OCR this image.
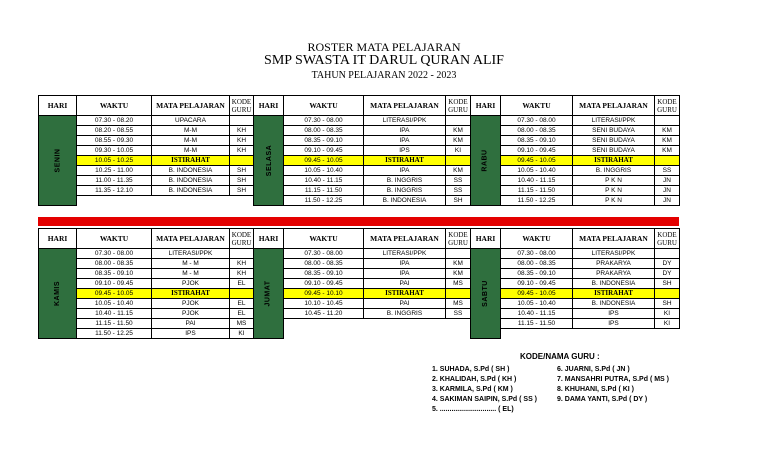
ROSTER MATA PELAJARAN
SMP SWASTA IT DARUL QURAN ALIF
TAHUN PELAJARAN 2022 - 2023
HARI	WAKTU	MATA PELAJARAN	KODE GURU	HARI	WAKTU	MATA PELAJARAN	KODE GURU	HARI	WAKTU	MATA PELAJARAN	KODE GURU
SENIN	07.30 - 08.20	UPACARA		SELASA	07.30 - 08.00	LITERASI/PPK		RABU	07.30 - 08.00	LITERASI/PPK	
	08.20 - 08.55	M-M	KH		08.00 - 08.35	IPA	KM		08.00 - 08.35	SENI BUDAYA	KM
	08.55 - 09.30	M-M	KH		08.35 - 09.10	IPA	KM		08.35 - 09.10	SENI BUDAYA	KM
	09.30 - 10.05	M-M	KH		09.10 - 09.45	IPS	KI		09.10 - 09.45	SENI BUDAYA	KM
	10.05 - 10.25	ISTIRAHAT			09.45 - 10.05	ISTIRAHAT			09.45 - 10.05	ISTIRAHAT	
	10.25 - 11.00	B. INDONESIA	SH		10.05 - 10.40	IPA	KM		10.05 - 10.40	B. INGGRIS	SS
	11.00 - 11.35	B. INDONESIA	SH		10.40 - 11.15	B. INGGRIS	SS		10.40 - 11.15	P K N	JN
	11.35 - 12.10	B. INDONESIA	SH		11.15 - 11.50	B. INGGRIS	SS		11.15 - 11.50	P K N	JN
					11.50 - 12.25	B. INDONESIA	SH		11.50 - 12.25	P K N	JN
HARI	WAKTU	MATA PELAJARAN	KODE GURU	HARI	WAKTU	MATA PELAJARAN	KODE GURU	HARI	WAKTU	MATA PELAJARAN	KODE GURU
KAMIS	07.30 - 08.00	LITERASI/PPK		JUMAT	07.30 - 08.00	LITERASI/PPK		SABTU	07.30 - 08.00	LITERASI/PPK	
	08.00 - 08.35	M - M	KH		08.00 - 08.35	IPA	KM		08.00 - 08.35	PRAKARYA	DY
	08.35 - 09.10	M - M	KH		08.35 - 09.10	IPA	KM		08.35 - 09.10	PRAKARYA	DY
	09.10 - 09.45	PJOK	EL		09.10 - 09.45	PAI	MS		09.10 - 09.45	B. INDONESIA	SH
	09.45 - 10.05	ISTIRAHAT			09.45 - 10.10	ISTIRAHAT			09.45 - 10.05	ISTIRAHAT	
	10.05 - 10.40	PJOK	EL		10.10 - 10.45	PAI	MS		10.05 - 10.40	B. INDONESIA	SH
	10.40 - 11.15	PJOK	EL		10.45 - 11.20	B. INGGRIS	SS		10.40 - 11.15	IPS	KI
	11.15 - 11.50	PAI	MS						11.15 - 11.50	IPS	KI
	11.50 - 12.25	IPS	KI								
KODE/NAMA GURU :
1. SUHADA, S.Pd ( SH )
2. KHALIDAH, S.Pd ( KH )
3. KARMILA, S.Pd ( KM )
4. SAKIMAN SAIPIN, S.Pd ( SS )
5. ............................. ( EL)
6. JUARNI, S.Pd ( JN )
7. MANSAHRI PUTRA, S.Pd ( MS )
8. KHUHANI, S.Pd ( KI )
9. DAMA YANTI, S.Pd ( DY )
